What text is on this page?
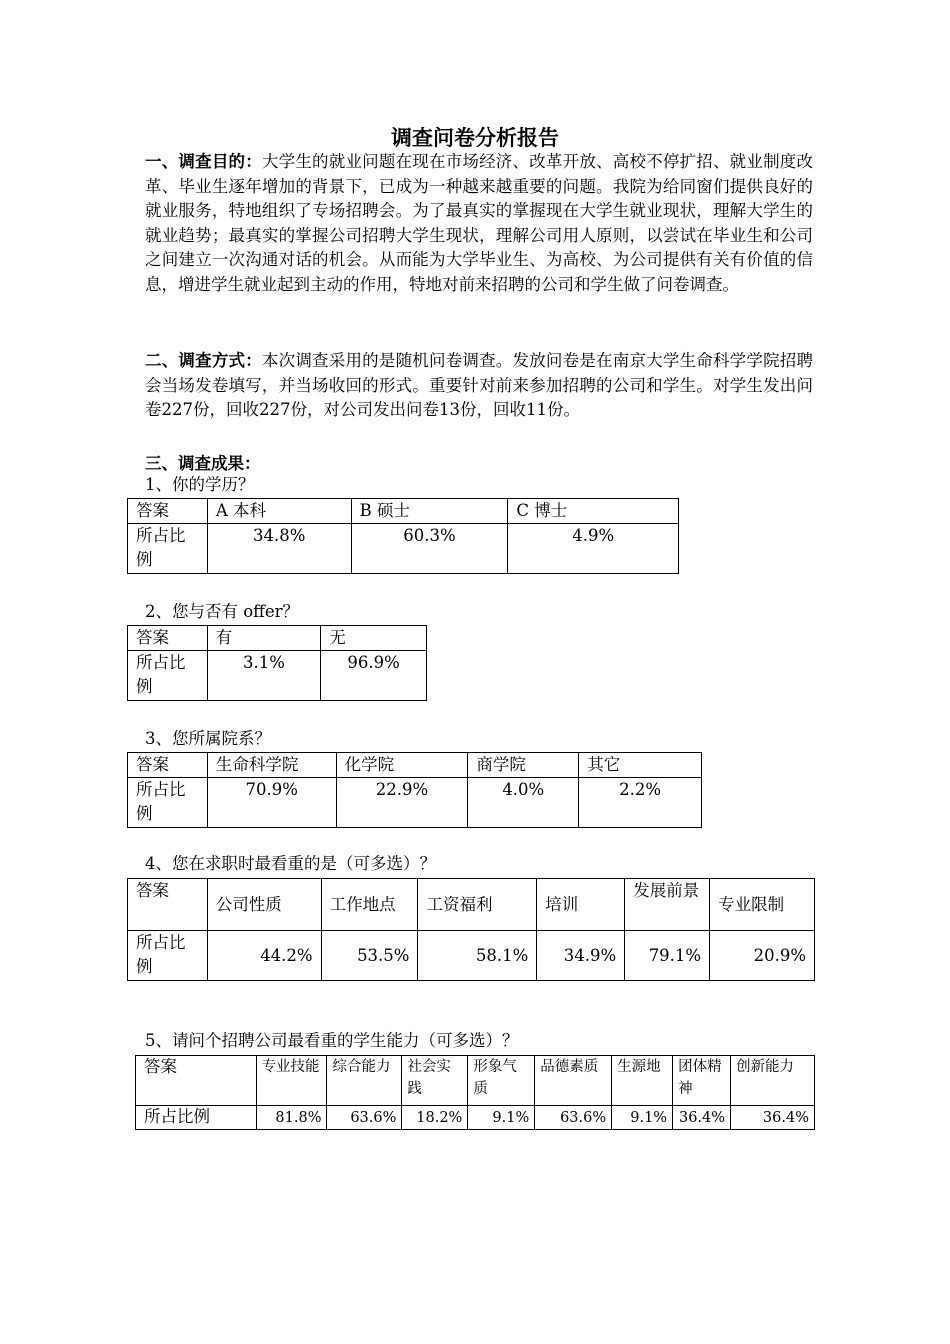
调查问卷分析报告

一、调查目的：大学生的就业问题在现在市场经济、改革开放、高校不停扩招、就业制度改革、毕业生逐年增加的背景下，已成为一种越来越重要的问题。我院为给同窗们提供良好的就业服务，特地组织了专场招聘会。为了最真实的掌握现在大学生就业现状，理解大学生的就业趋势；最真实的掌握公司招聘大学生现状，理解公司用人原则，以尝试在毕业生和公司之间建立一次沟通对话的机会。从而能为大学毕业生、为高校、为公司提供有关有价值的信息，增进学生就业起到主动的作用，特地对前来招聘的公司和学生做了问卷调查。

二、调查方式：本次调查采用的是随机问卷调查。发放问卷是在南京大学生命科学学院招聘会当场发卷填写，并当场收回的形式。重要针对前来参加招聘的公司和学生。对学生发出问卷227份，回收227份，对公司发出问卷13份，回收11份。

三、调查成果：
1、你的学历？
答案	A 本科	B 硕士	C 博士
所占比例	34.8%	60.3%	4.9%
2、您与否有 offer？
答案	有	无
所占比例	3.1%	96.9%
3、您所属院系？
答案	生命科学院	化学院	商学院	其它
所占比例	70.9%	22.9%	4.0%	2.2%
4、您在求职时最看重的是（可多选）？
答案	公司性质	工作地点	工资福利	培训	发展前景	专业限制
所占比例	44.2%	53.5%	58.1%	34.9%	79.1%	20.9%
5、请问个招聘公司最看重的学生能力（可多选）？
答案	专业技能	综合能力	社会实践	形象气质	品德素质	生源地	团体精神	创新能力
所占比例	81.8%	63.6%	18.2%	9.1%	63.6%	9.1%	36.4%	36.4%
